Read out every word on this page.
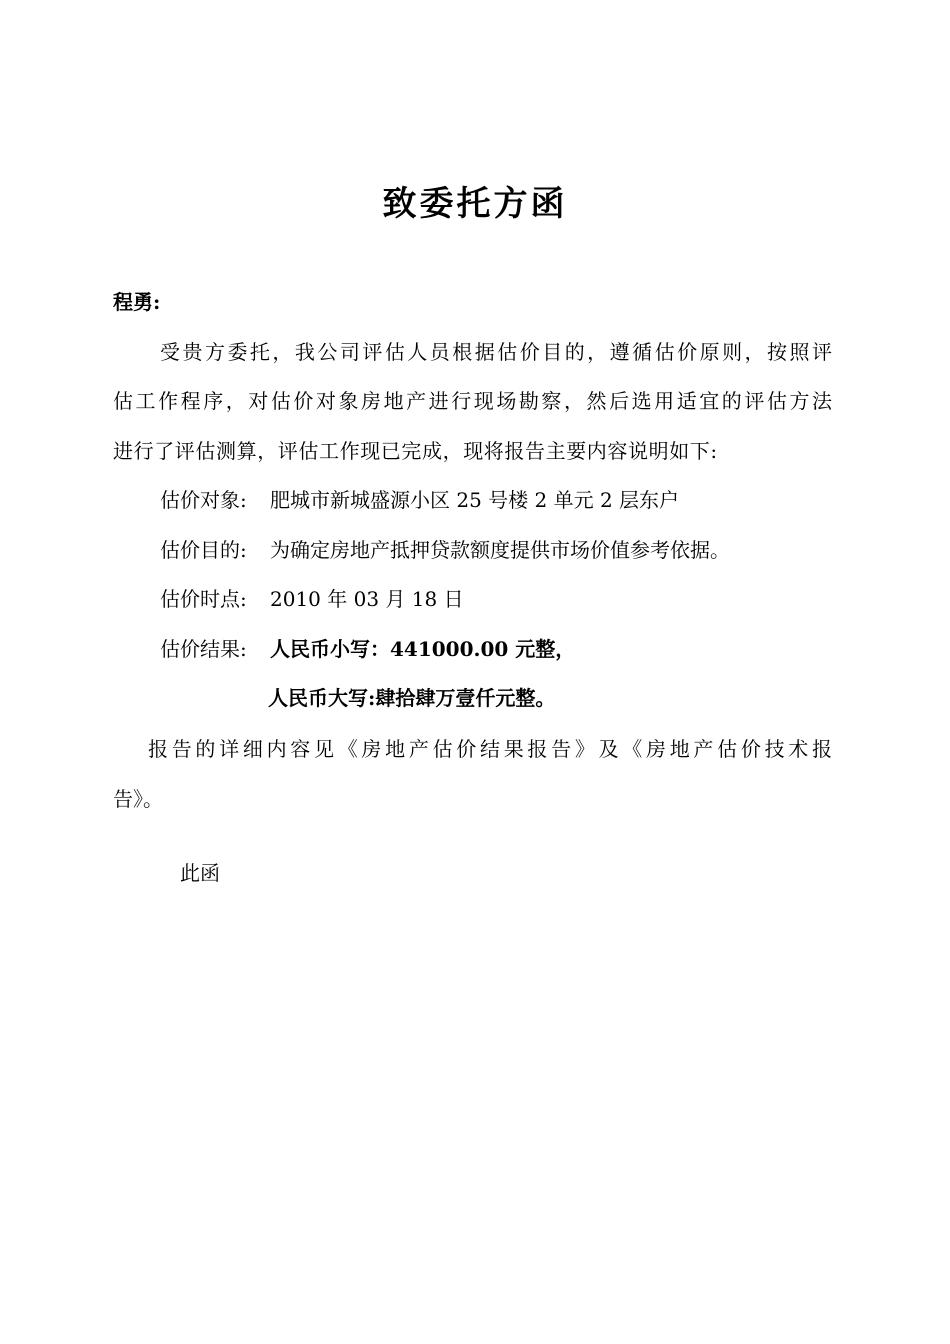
致委托方函
程勇:
受贵方委托，我公司评估人员根据估价目的，遵循估价原则，按照评
估工作程序，对估价对象房地产进行现场勘察，然后选用适宜的评估方法
进行了评估测算，评估工作现已完成，现将报告主要内容说明如下:
估价对象: 肥城市新城盛源小区 25 号楼 2 单元 2 层东户
估价目的: 为确定房地产抵押贷款额度提供市场价值参考依据。
估价时点: 2010 年 03 月 18 日
估价结果: 人民币小写：441000.00 元整，
人民币大写:肆拾肆万壹仟元整。
报告的详细内容见《房地产估价结果报告》及《房地产估价技术报
告》。
此函
